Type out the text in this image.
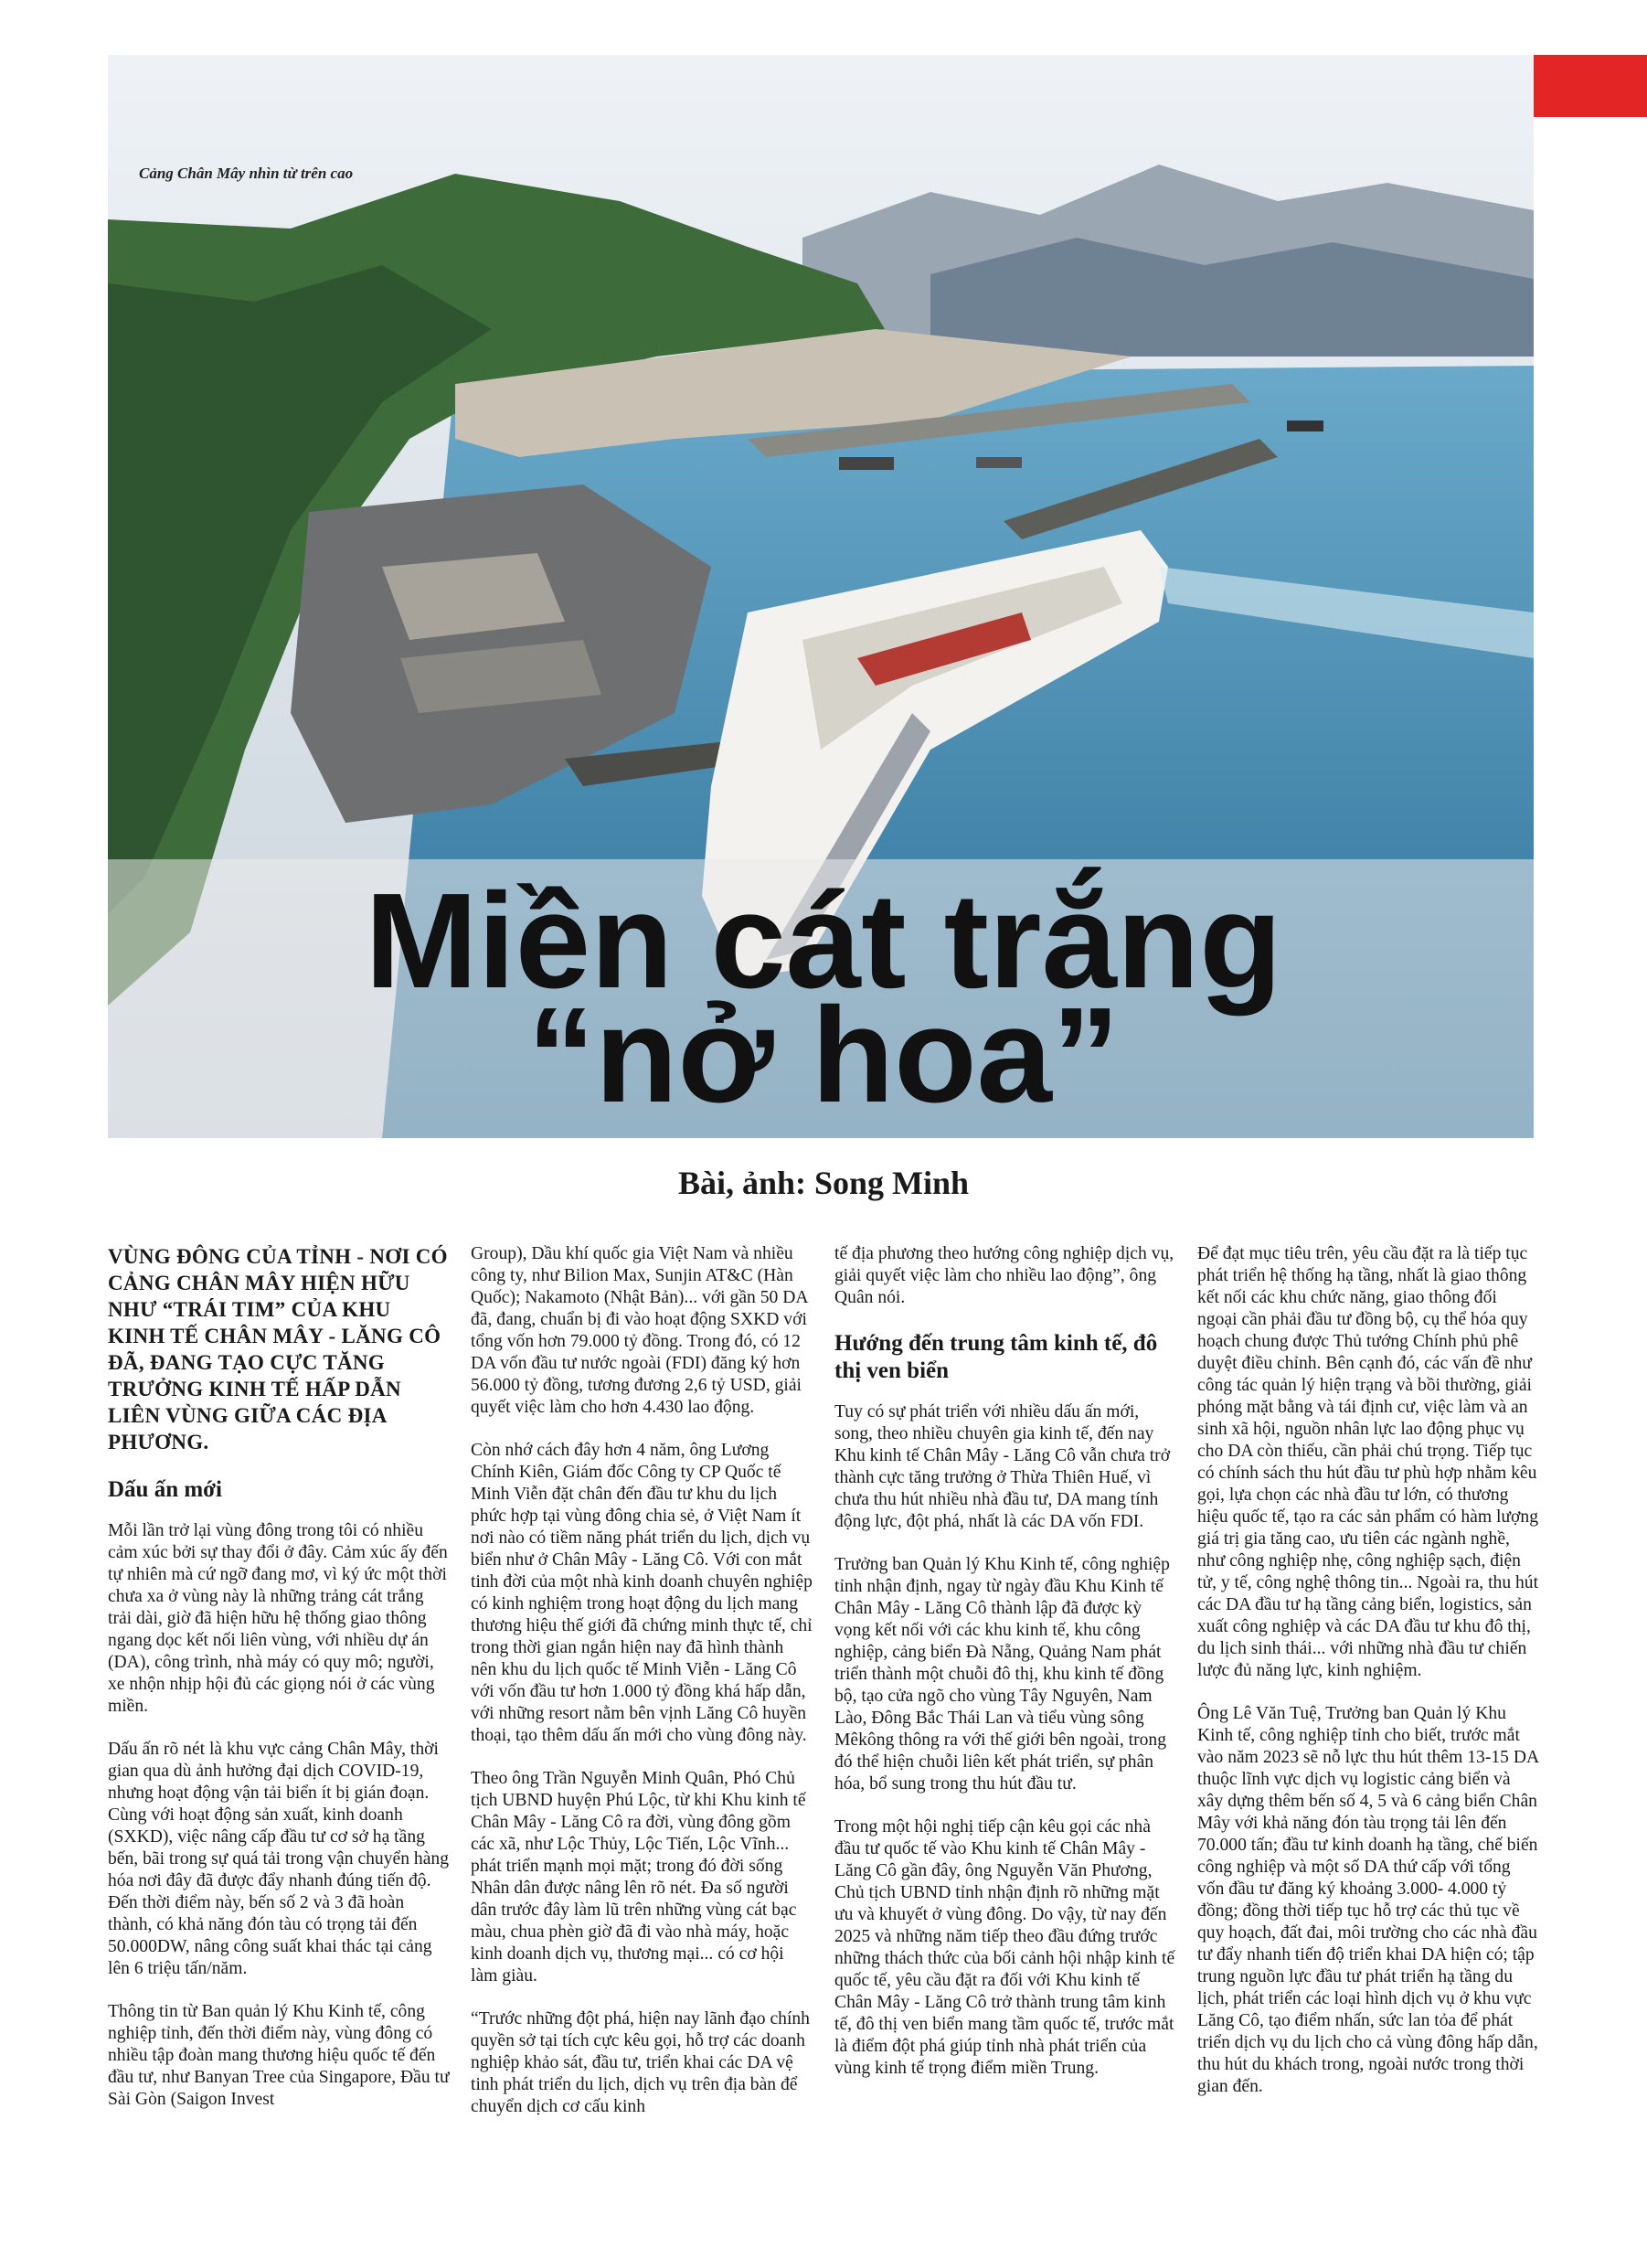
Cảng Chân Mây nhìn từ trên cao
Miền cát trắng
“nở hoa”
Bài, ảnh: Song Minh

VÙNG ĐÔNG CỦA TỈNH - NƠI CÓ CẢNG CHÂN MÂY HIỆN HỮU NHƯ “TRÁI TIM” CỦA KHU KINH TẾ CHÂN MÂY - LĂNG CÔ ĐÃ, ĐANG TẠO CỰC TĂNG TRƯỞNG KINH TẾ HẤP DẪN LIÊN VÙNG GIỮA CÁC ĐỊA PHƯƠNG.

Dấu ấn mới

Mỗi lần trở lại vùng đông trong tôi có nhiều cảm xúc bởi sự thay đổi ở đây. Cảm xúc ấy đến tự nhiên mà cứ ngỡ đang mơ, vì ký ức một thời chưa xa ở vùng này là những trảng cát trắng trải dài, giờ đã hiện hữu hệ thống giao thông ngang dọc kết nối liên vùng, với nhiều dự án (DA), công trình, nhà máy có quy mô; người, xe nhộn nhịp hội đủ các giọng nói ở các vùng miền.

Dấu ấn rõ nét là khu vực cảng Chân Mây, thời gian qua dù ảnh hưởng đại dịch COVID-19, nhưng hoạt động vận tải biển ít bị gián đoạn. Cùng với hoạt động sản xuất, kinh doanh (SXKD), việc nâng cấp đầu tư cơ sở hạ tầng bến, bãi trong sự quá tải trong vận chuyển hàng hóa nơi đây đã được đẩy nhanh đúng tiến độ. Đến thời điểm này, bến số 2 và 3 đã hoàn thành, có khả năng đón tàu có trọng tải đến 50.000DW, nâng công suất khai thác tại cảng lên 6 triệu tấn/năm.

Thông tin từ Ban quản lý Khu Kinh tế, công nghiệp tỉnh, đến thời điểm này, vùng đông có nhiều tập đoàn mang thương hiệu quốc tế đến đầu tư, như Banyan Tree của Singapore, Đầu tư Sài Gòn (Saigon Invest

Group), Dầu khí quốc gia Việt Nam và nhiều công ty, như Bilion Max, Sunjin AT&C (Hàn Quốc); Nakamoto (Nhật Bản)... với gần 50 DA đã, đang, chuẩn bị đi vào hoạt động SXKD với tổng vốn hơn 79.000 tỷ đồng. Trong đó, có 12 DA vốn đầu tư nước ngoài (FDI) đăng ký hơn 56.000 tỷ đồng, tương đương 2,6 tỷ USD, giải quyết việc làm cho hơn 4.430 lao động.

Còn nhớ cách đây hơn 4 năm, ông Lương Chính Kiên, Giám đốc Công ty CP Quốc tế Minh Viễn đặt chân đến đầu tư khu du lịch phức hợp tại vùng đông chia sẻ, ở Việt Nam ít nơi nào có tiềm năng phát triển du lịch, dịch vụ biển như ở Chân Mây - Lăng Cô. Với con mắt tinh đời của một nhà kinh doanh chuyên nghiệp có kinh nghiệm trong hoạt động du lịch mang thương hiệu thế giới đã chứng minh thực tế, chỉ trong thời gian ngắn hiện nay đã hình thành nên khu du lịch quốc tế Minh Viễn - Lăng Cô với vốn đầu tư hơn 1.000 tỷ đồng khá hấp dẫn, với những resort nằm bên vịnh Lăng Cô huyền thoại, tạo thêm dấu ấn mới cho vùng đông này.

Theo ông Trần Nguyễn Minh Quân, Phó Chủ tịch UBND huyện Phú Lộc, từ khi Khu kinh tế Chân Mây - Lăng Cô ra đời, vùng đông gồm các xã, như Lộc Thủy, Lộc Tiến, Lộc Vĩnh... phát triển mạnh mọi mặt; trong đó đời sống Nhân dân được nâng lên rõ nét. Đa số người dân trước đây làm lũ trên những vùng cát bạc màu, chua phèn giờ đã đi vào nhà máy, hoặc kinh doanh dịch vụ, thương mại... có cơ hội làm giàu.

“Trước những đột phá, hiện nay lãnh đạo chính quyền sở tại tích cực kêu gọi, hỗ trợ các doanh nghiệp khảo sát, đầu tư, triển khai các DA vệ tinh phát triển du lịch, dịch vụ trên địa bàn để chuyển dịch cơ cấu kinh

tế địa phương theo hướng công nghiệp dịch vụ, giải quyết việc làm cho nhiều lao động”, ông Quân nói.

Hướng đến trung tâm kinh tế, đô thị ven biển

Tuy có sự phát triển với nhiều dấu ấn mới, song, theo nhiều chuyên gia kinh tế, đến nay Khu kinh tế Chân Mây - Lăng Cô vẫn chưa trở thành cực tăng trưởng ở Thừa Thiên Huế, vì chưa thu hút nhiều nhà đầu tư, DA mang tính động lực, đột phá, nhất là các DA vốn FDI.

Trưởng ban Quản lý Khu Kinh tế, công nghiệp tỉnh nhận định, ngay từ ngày đầu Khu Kinh tế Chân Mây - Lăng Cô thành lập đã được kỳ vọng kết nối với các khu kinh tế, khu công nghiệp, cảng biển Đà Nẵng, Quảng Nam phát triển thành một chuỗi đô thị, khu kinh tế đồng bộ, tạo cửa ngõ cho vùng Tây Nguyên, Nam Lào, Đông Bắc Thái Lan và tiểu vùng sông Mêkông thông ra với thế giới bên ngoài, trong đó thể hiện chuỗi liên kết phát triển, sự phân hóa, bổ sung trong thu hút đầu tư.

Trong một hội nghị tiếp cận kêu gọi các nhà đầu tư quốc tế vào Khu kinh tế Chân Mây - Lăng Cô gần đây, ông Nguyễn Văn Phương, Chủ tịch UBND tỉnh nhận định rõ những mặt ưu và khuyết ở vùng đông. Do vậy, từ nay đến 2025 và những năm tiếp theo đầu đứng trước những thách thức của bối cảnh hội nhập kinh tế quốc tế, yêu cầu đặt ra đối với Khu kinh tế Chân Mây - Lăng Cô trở thành trung tâm kinh tế, đô thị ven biển mang tầm quốc tế, trước mắt là điểm đột phá giúp tỉnh nhà phát triển của vùng kinh tế trọng điểm miền Trung.

Để đạt mục tiêu trên, yêu cầu đặt ra là tiếp tục phát triển hệ thống hạ tầng, nhất là giao thông kết nối các khu chức năng, giao thông đối ngoại cần phải đầu tư đồng bộ, cụ thể hóa quy hoạch chung được Thủ tướng Chính phủ phê duyệt điều chỉnh. Bên cạnh đó, các vấn đề như công tác quản lý hiện trạng và bồi thường, giải phóng mặt bằng và tái định cư, việc làm và an sinh xã hội, nguồn nhân lực lao động phục vụ cho DA còn thiếu, cần phải chú trọng. Tiếp tục có chính sách thu hút đầu tư phù hợp nhằm kêu gọi, lựa chọn các nhà đầu tư lớn, có thương hiệu quốc tế, tạo ra các sản phẩm có hàm lượng giá trị gia tăng cao, ưu tiên các ngành nghề, như công nghiệp nhẹ, công nghiệp sạch, điện tử, y tế, công nghệ thông tin... Ngoài ra, thu hút các DA đầu tư hạ tầng cảng biển, logistics, sản xuất công nghiệp và các DA đầu tư khu đô thị, du lịch sinh thái... với những nhà đầu tư chiến lược đủ năng lực, kinh nghiệm.

Ông Lê Văn Tuệ, Trưởng ban Quản lý Khu Kinh tế, công nghiệp tỉnh cho biết, trước mắt vào năm 2023 sẽ nỗ lực thu hút thêm 13-15 DA thuộc lĩnh vực dịch vụ logistic cảng biển và xây dựng thêm bến số 4, 5 và 6 cảng biển Chân Mây với khả năng đón tàu trọng tải lên đến 70.000 tấn; đầu tư kinh doanh hạ tầng, chế biến công nghiệp và một số DA thứ cấp với tổng vốn đầu tư đăng ký khoảng 3.000- 4.000 tỷ đồng; đồng thời tiếp tục hỗ trợ các thủ tục về quy hoạch, đất đai, môi trường cho các nhà đầu tư đẩy nhanh tiến độ triển khai DA hiện có; tập trung nguồn lực đầu tư phát triển hạ tầng du lịch, phát triển các loại hình dịch vụ ở khu vực Lăng Cô, tạo điểm nhấn, sức lan tỏa để phát triển dịch vụ du lịch cho cả vùng đông hấp dẫn, thu hút du khách trong, ngoài nước trong thời gian đến.
